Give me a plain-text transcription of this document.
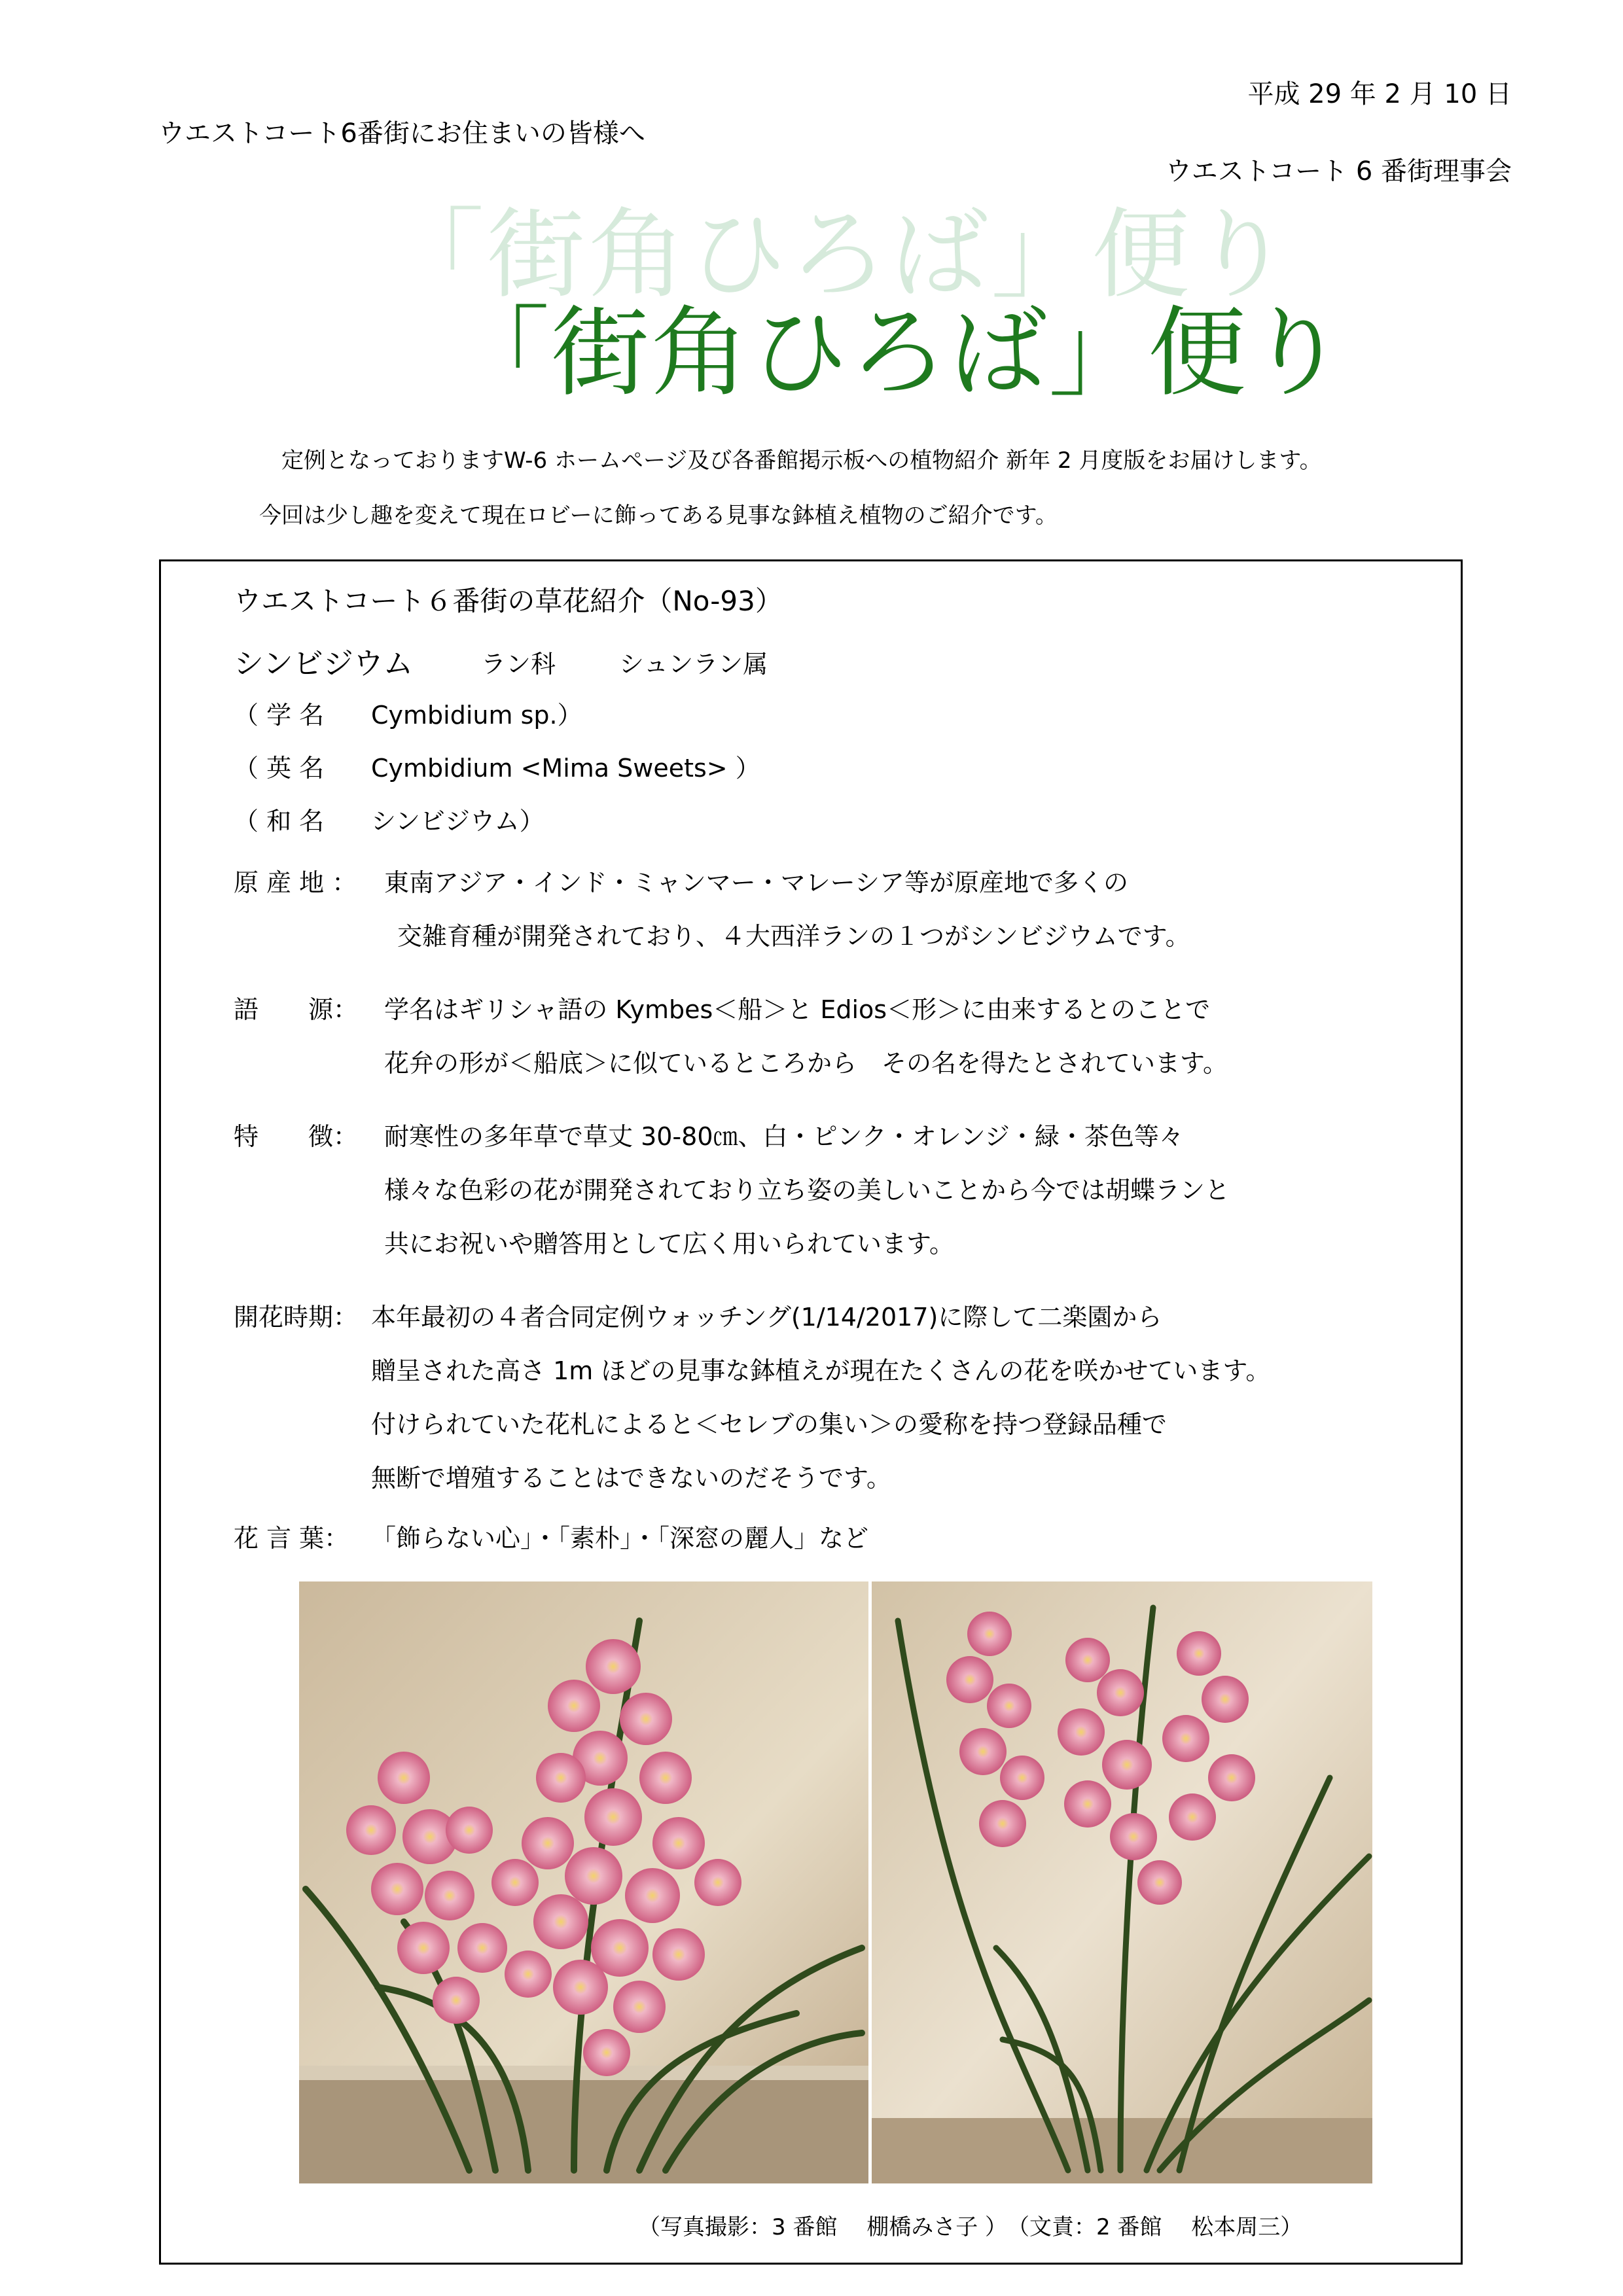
平成 29 年 2 月 10 日
ウエストコート6番街にお住まいの皆様へ
ウエストコート 6 番街理事会
「街角ひろば」便り
「街角ひろば」便り
定例となっておりますW-6 ホームページ及び各番館掲示板への植物紹介 新年 2 月度版をお届けします。
今回は少し趣を変えて現在ロビーに飾ってある見事な鉢植え植物のご紹介です。
ウエストコート６番街の草花紹介（No-93）
シンビジウム	ラン科	シュンラン属
（ 学 名 Cymbidium sp.）
（ 英 名 Cymbidium <Mima Sweets> ）
（ 和 名 シンビジウム）
原 産 地 ： 東南アジア・インド・ミャンマー・マレーシア等が原産地で多くの
交雑育種が開発されており、４大西洋ランの１つがシンビジウムです。
語　　源： 学名はギリシャ語の Kymbes＜船＞と Edios＜形＞に由来するとのことで
花弁の形が＜船底＞に似ているところから　その名を得たとされています。
特　　徴： 耐寒性の多年草で草丈 30-80㎝、白・ピンク・オレンジ・緑・茶色等々
様々な色彩の花が開発されており立ち姿の美しいことから今では胡蝶ランと
共にお祝いや贈答用として広く用いられています。
開花時期： 本年最初の４者合同定例ウォッチング(1/14/2017)に際して二楽園から
贈呈された高さ 1m ほどの見事な鉢植えが現在たくさんの花を咲かせています。
付けられていた花札によると＜セレブの集い＞の愛称を持つ登録品種で
無断で増殖することはできないのだそうです。
花 言 葉： 「飾らない心」・「素朴」・「深窓の麗人」など
（写真撮影：3 番館　 棚橋みさ子 ）　（文責：2 番館　 松本周三）
